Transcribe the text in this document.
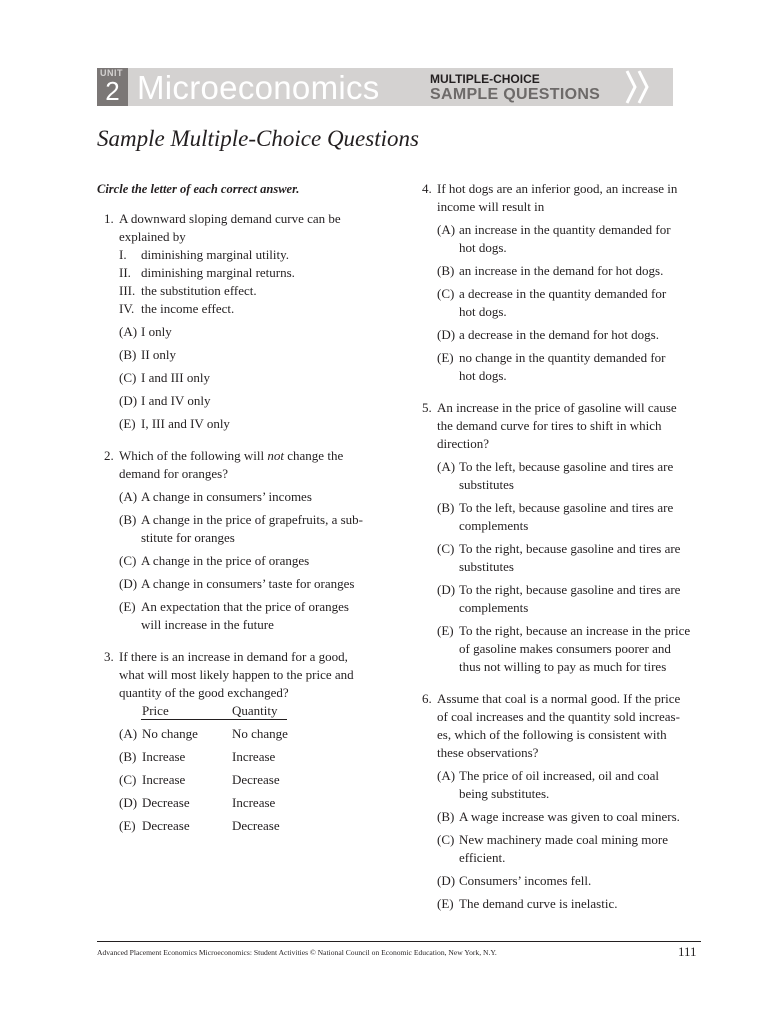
UNIT
2 Microeconomics	MULTIPLE-CHOICE
SAMPLE QUESTIONS
Sample Multiple-Choice Questions

Circle the letter of each correct answer.

1. A downward sloping demand curve can be
explained by

I. diminishing marginal utility.
II. diminishing marginal returns.
III. the substitution effect.
IV. the income effect.
(A) I only
(B) II only
(C) I and III only
(D) I and IV only
(E) I, III and IV only
2. Which of the following will not change the
demand for oranges?

(A) A change in consumers’ incomes
(B) A change in the price of grapefruits, a sub-
stitute for oranges
(C) A change in the price of oranges
(D) A change in consumers’ taste for oranges
(E) An expectation that the price of oranges
will increase in the future
3. If there is an increase in demand for a good,
what will most likely happen to the price and
quantity of the good exchanged?

Price	Quantity
(A) No change	No change
(B) Increase	Increase
(C) Increase	Decrease
(D) Decrease	Increase
(E) Decrease	Decrease
4. If hot dogs are an inferior good, an increase in
income will result in

(A) an increase in the quantity demanded for
hot dogs.
(B) an increase in the demand for hot dogs.
(C) a decrease in the quantity demanded for
hot dogs.
(D) a decrease in the demand for hot dogs.
(E) no change in the quantity demanded for
hot dogs.
5. An increase in the price of gasoline will cause
the demand curve for tires to shift in which
direction?

(A) To the left, because gasoline and tires are
substitutes
(B) To the left, because gasoline and tires are
complements
(C) To the right, because gasoline and tires are
substitutes
(D) To the right, because gasoline and tires are
complements
(E) To the right, because an increase in the price
of gasoline makes consumers poorer and
thus not willing to pay as much for tires
6. Assume that coal is a normal good. If the price
of coal increases and the quantity sold increas-
es, which of the following is consistent with
these observations?

(A) The price of oil increased, oil and coal
being substitutes.
(B) A wage increase was given to coal miners.
(C) New machinery made coal mining more
efficient.
(D) Consumers’ incomes fell.
(E) The demand curve is inelastic.
Advanced Placement Economics Microeconomics: Student Activities © National Council on Economic Education, New York, N.Y.	111
